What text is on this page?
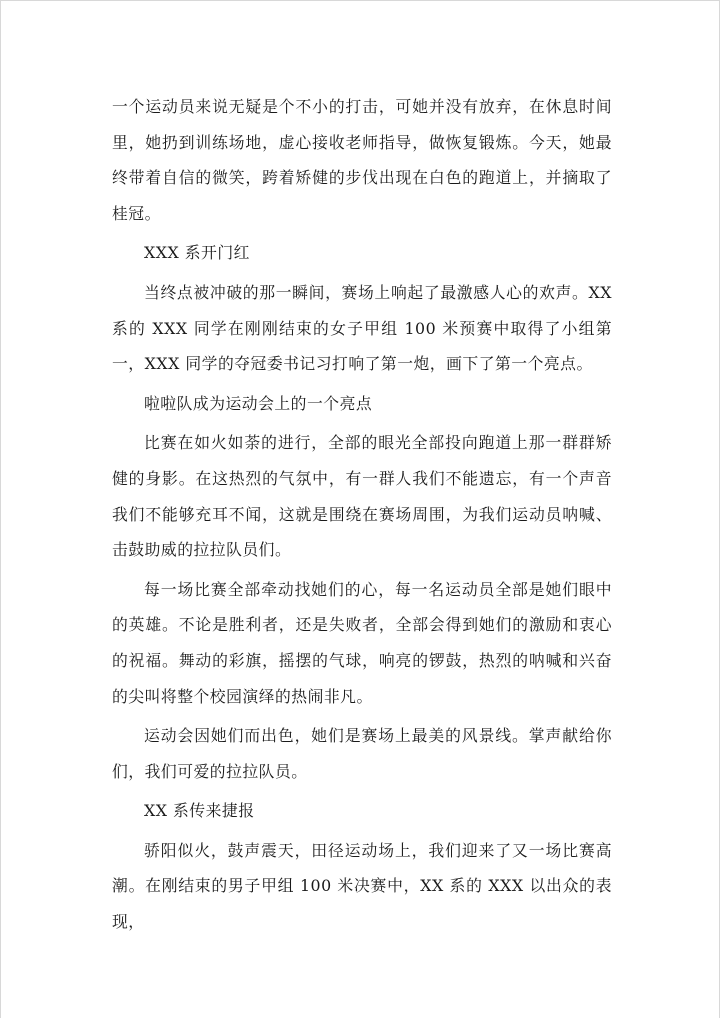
一个运动员来说无疑是个不小的打击，可她并没有放弃，在休息时间里，她扔到训练场地，虚心接收老师指导，做恢复锻炼。今天，她最终带着自信的微笑，跨着矫健的步伐出现在白色的跑道上，并摘取了桂冠。

XXX 系开门红

当终点被冲破的那一瞬间，赛场上响起了最激感人心的欢声。XX系的 XXX 同学在刚刚结束的女子甲组 100 米预赛中取得了小组第一，XXX 同学的夺冠委书记习打响了第一炮，画下了第一个亮点。

啦啦队成为运动会上的一个亮点

比赛在如火如荼的进行，全部的眼光全部投向跑道上那一群群矫健的身影。在这热烈的气氛中，有一群人我们不能遗忘，有一个声音我们不能够充耳不闻，这就是围绕在赛场周围，为我们运动员呐喊、击鼓助威的拉拉队员们。

每一场比赛全部牵动找她们的心，每一名运动员全部是她们眼中的英雄。不论是胜利者，还是失败者，全部会得到她们的激励和衷心的祝福。舞动的彩旗，摇摆的气球，响亮的锣鼓，热烈的呐喊和兴奋的尖叫将整个校园演绎的热闹非凡。

运动会因她们而出色，她们是赛场上最美的风景线。掌声献给你们，我们可爱的拉拉队员。

XX 系传来捷报

骄阳似火，鼓声震天，田径运动场上，我们迎来了又一场比赛高潮。在刚结束的男子甲组 100 米决赛中，XX 系的 XXX 以出众的表现，
